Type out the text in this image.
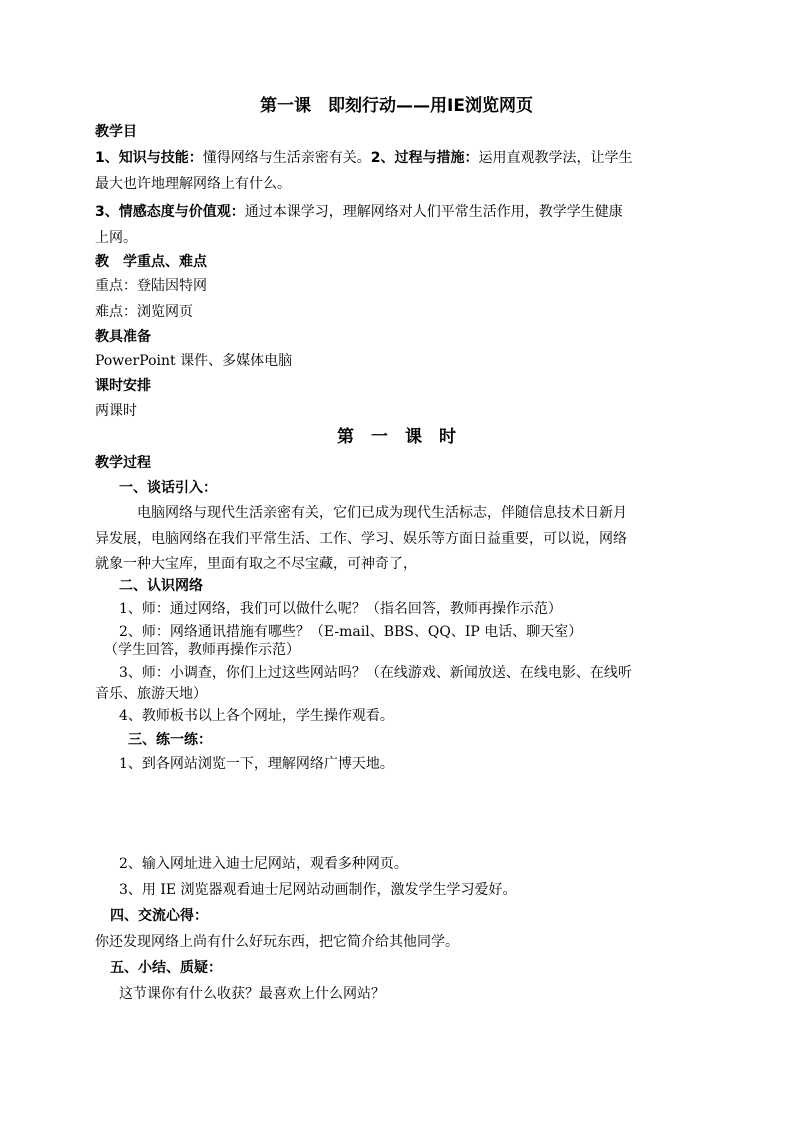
第一课　即刻行动——用IE浏览网页
教学目
1、知识与技能：懂得网络与生活亲密有关。2、过程与措施：运用直观教学法，让学生
最大也许地理解网络上有什么。
3、情感态度与价值观：通过本课学习，理解网络对人们平常生活作用，教学学生健康
上网。
教　学重点、难点
重点：登陆因特网
难点：浏览网页
教具准备
PowerPoint 课件、多媒体电脑
课时安排
两课时
第　一　课　时
教学过程
一、谈话引入：
电脑网络与现代生活亲密有关，它们已成为现代生活标志，伴随信息技术日新月
异发展，电脑网络在我们平常生活、工作、学习、娱乐等方面日益重要，可以说，网络
就象一种大宝库，里面有取之不尽宝藏，可神奇了，
二、认识网络
1、师：通过网络，我们可以做什么呢？（指名回答，教师再操作示范）
2、师：网络通讯措施有哪些？（E-mail、BBS、QQ、IP 电话、聊天室）
（学生回答，教师再操作示范）
3、师：小调查，你们上过这些网站吗？（在线游戏、新闻放送、在线电影、在线听
音乐、旅游天地）
4、教师板书以上各个网址，学生操作观看。
三、练一练：
1、到各网站浏览一下，理解网络广博天地。
2、输入网址进入迪士尼网站，观看多种网页。
3、用 IE 浏览器观看迪士尼网站动画制作，激发学生学习爱好。
四、交流心得：
你还发现网络上尚有什么好玩东西，把它简介给其他同学。
五、小结、质疑：
这节课你有什么收获？最喜欢上什么网站？
